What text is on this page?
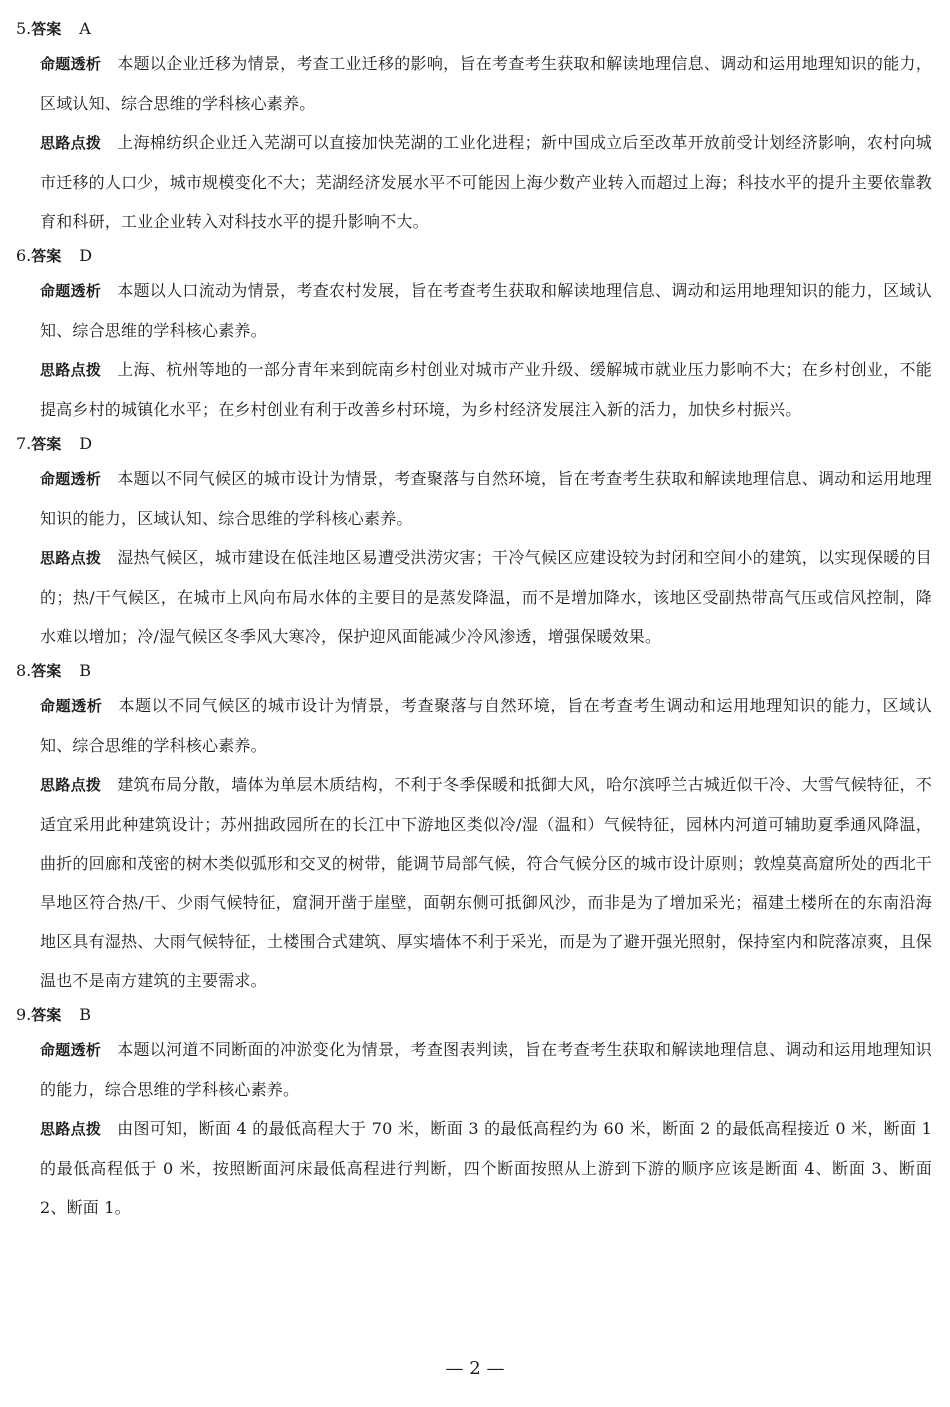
5.答案 A

命题透析 本题以企业迁移为情景，考查工业迁移的影响，旨在考查考生获取和解读地理信息、调动和运用地理知识的能力，区域认知、综合思维的学科核心素养。

思路点拨 上海棉纺织企业迁入芜湖可以直接加快芜湖的工业化进程；新中国成立后至改革开放前受计划经济影响，农村向城市迁移的人口少，城市规模变化不大；芜湖经济发展水平不可能因上海少数产业转入而超过上海；科技水平的提升主要依靠教育和科研，工业企业转入对科技水平的提升影响不大。

6.答案 D

命题透析 本题以人口流动为情景，考查农村发展，旨在考查考生获取和解读地理信息、调动和运用地理知识的能力，区域认知、综合思维的学科核心素养。

思路点拨 上海、杭州等地的一部分青年来到皖南乡村创业对城市产业升级、缓解城市就业压力影响不大；在乡村创业，不能提高乡村的城镇化水平；在乡村创业有利于改善乡村环境，为乡村经济发展注入新的活力，加快乡村振兴。

7.答案 D

命题透析 本题以不同气候区的城市设计为情景，考查聚落与自然环境，旨在考查考生获取和解读地理信息、调动和运用地理知识的能力，区域认知、综合思维的学科核心素养。

思路点拨 湿热气候区，城市建设在低洼地区易遭受洪涝灾害；干冷气候区应建设较为封闭和空间小的建筑，以实现保暖的目的；热/干气候区，在城市上风向布局水体的主要目的是蒸发降温，而不是增加降水，该地区受副热带高气压或信风控制，降水难以增加；冷/湿气候区冬季风大寒冷，保护迎风面能减少冷风渗透，增强保暖效果。

8.答案 B

命题透析 本题以不同气候区的城市设计为情景，考查聚落与自然环境，旨在考查考生调动和运用地理知识的能力，区域认知、综合思维的学科核心素养。

思路点拨 建筑布局分散，墙体为单层木质结构，不利于冬季保暖和抵御大风，哈尔滨呼兰古城近似干冷、大雪气候特征，不适宜采用此种建筑设计；苏州拙政园所在的长江中下游地区类似冷/湿（温和）气候特征，园林内河道可辅助夏季通风降温，曲折的回廊和茂密的树木类似弧形和交叉的树带，能调节局部气候，符合气候分区的城市设计原则；敦煌莫高窟所处的西北干旱地区符合热/干、少雨气候特征，窟洞开凿于崖壁，面朝东侧可抵御风沙，而非是为了增加采光；福建土楼所在的东南沿海地区具有湿热、大雨气候特征，土楼围合式建筑、厚实墙体不利于采光，而是为了避开强光照射，保持室内和院落凉爽，且保温也不是南方建筑的主要需求。

9.答案 B

命题透析 本题以河道不同断面的冲淤变化为情景，考查图表判读，旨在考查考生获取和解读地理信息、调动和运用地理知识的能力，综合思维的学科核心素养。

思路点拨 由图可知，断面 4 的最低高程大于 70 米，断面 3 的最低高程约为 60 米，断面 2 的最低高程接近 0 米，断面 1 的最低高程低于 0 米，按照断面河床最低高程进行判断，四个断面按照从上游到下游的顺序应该是断面 4、断面 3、断面 2、断面 1。

— 2 —
